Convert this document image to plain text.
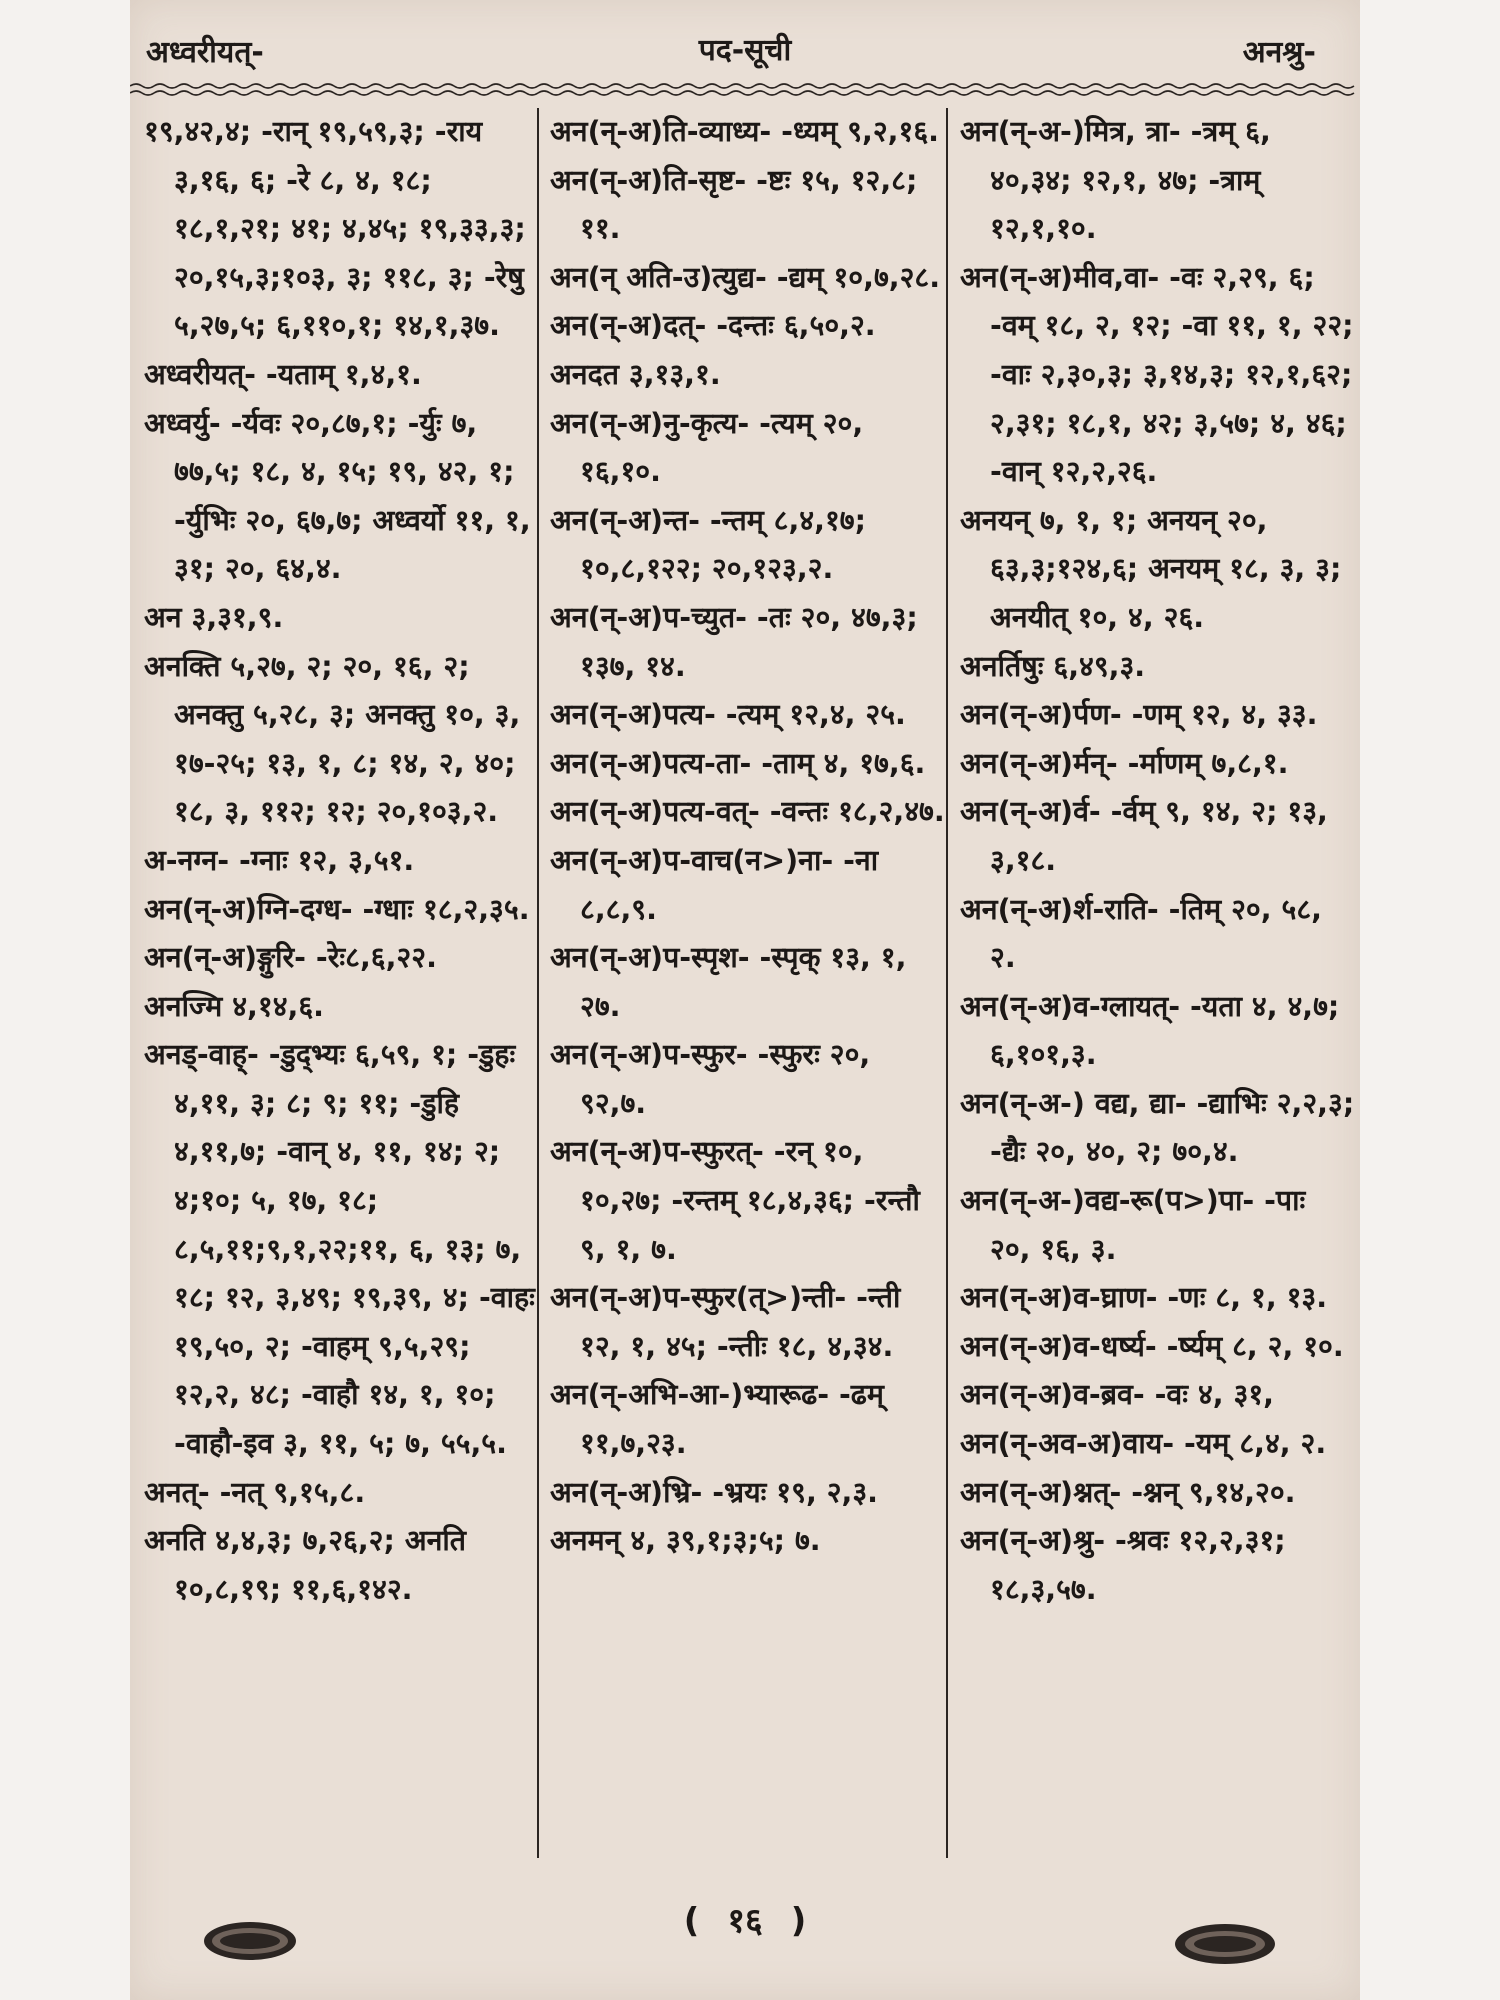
अध्वरीयत्-	पद-सूची	अनश्रु-
१९,४२,४; -रान् १९,५९,३; -राय ३,१६, ६; -रे ८, ४, १८; १८,१,२१; ४१; ४,४५; १९,३३,३; २०,१५,३;१०३, ३; ११८, ३; -रेषु ५,२७,५; ६,११०,१; १४,१,३७.
अध्वरीयत्- -यताम् १,४,१.
अध्वर्यु- -र्यवः २०,८७,१; -र्युः ७, ७७,५; १८, ४, १५; १९, ४२, १; -र्युभिः २०, ६७,७; अध्वर्यो ११, १, ३१; २०, ६४,४.
अन ३,३१,९.
अनक्ति ५,२७, २; २०, १६, २; अनक्तु ५,२८, ३; अनक्तु १०, ३, १७-२५; १३, १, ८; १४, २, ४०; १८, ३, ११२; १२; २०,१०३,२.
अ-नग्न- -ग्नाः १२, ३,५१.
अन(न्-अ)ग्नि-दग्ध- -ग्धाः १८,२,३५.
अन(न्-अ)ङ्गुरि- -रेः८,६,२२.
अनज्मि ४,१४,६.
अनड्-वाह्- -डुद्भ्यः ६,५९, १; -डुहः ४,११, ३; ८; ९; ११; -डुहि ४,११,७; -वान् ४, ११, १४; २; ४;१०; ५, १७, १८; ८,५,११;९,१,२२;११, ६, १३; ७, १८; १२, ३,४९; १९,३९, ४; -वाहः १९,५०, २; -वाहम् ९,५,२९; १२,२, ४८; -वाहौ १४, १, १०; -वाहौ-इव ३, ११, ५; ७, ५५,५.
अनत्- -नत् ९,१५,८.
अनति ४,४,३; ७,२६,२; अनति १०,८,१९; ११,६,१४२.
अन(न्-अ)ति-व्याध्य- -ध्यम् ९,२,१६.
अन(न्-अ)ति-सृष्ट- -ष्टः १५, १२,८; ११.
अन(न् अति-उ)त्युद्य- -द्यम् १०,७,२८.
अन(न्-अ)दत्- -दन्तः ६,५०,२.
अनदत ३,१३,१.
अन(न्-अ)नु-कृत्य- -त्यम् २०, १६,१०.
अन(न्-अ)न्त- -न्तम् ८,४,१७; १०,८,१२२; २०,१२३,२.
अन(न्-अ)प-च्युत- -तः २०, ४७,३; १३७, १४.
अन(न्-अ)पत्य- -त्यम् १२,४, २५.
अन(न्-अ)पत्य-ता- -ताम् ४, १७,६.
अन(न्-अ)पत्य-वत्- -वन्तः १८,२,४७.
अन(न्-अ)प-वाच(न>)ना- -ना ८,८,९.
अन(न्-अ)प-स्पृश- -स्पृक् १३, १, २७.
अन(न्-अ)प-स्फुर- -स्फुरः २०, ९२,७.
अन(न्-अ)प-स्फुरत्- -रन् १०, १०,२७; -रन्तम् १८,४,३६; -रन्तौ ९, १, ७.
अन(न्-अ)प-स्फुर(त्>)न्ती- -न्ती १२, १, ४५; -न्तीः १८, ४,३४.
अन(न्-अभि-आ-)भ्यारूढ- -ढम् ११,७,२३.
अन(न्-अ)भ्रि- -भ्रयः १९, २,३.
अनमन् ४, ३९,१;३;५; ७.
अन(न्-अ-)मित्र, त्रा- -त्रम् ६, ४०,३४; १२,१, ४७; -त्राम् १२,१,१०.
अन(न्-अ)मीव,वा- -वः २,२९, ६; -वम् १८, २, १२; -वा ११, १, २२; -वाः २,३०,३; ३,१४,३; १२,१,६२; २,३१; १८,१, ४२; ३,५७; ४, ४६; -वान् १२,२,२६.
अनयन् ७, १, १; अनयन् २०, ६३,३;१२४,६; अनयम् १८, ३, ३; अनयीत् १०, ४, २६.
अनर्तिषुः ६,४९,३.
अन(न्-अ)र्पण- -णम् १२, ४, ३३.
अन(न्-अ)र्मन्- -र्माणम् ७,८,१.
अन(न्-अ)र्व- -र्वम् ९, १४, २; १३, ३,१८.
अन(न्-अ)र्श-राति- -तिम् २०, ५८, २.
अन(न्-अ)व-ग्लायत्- -यता ४, ४,७; ६,१०१,३.
अन(न्-अ-) वद्य, द्या- -द्याभिः २,२,३; -द्यैः २०, ४०, २; ७०,४.
अन(न्-अ-)वद्य-रू(प>)पा- -पाः २०, १६, ३.
अन(न्-अ)व-घ्राण- -णः ८, १, १३.
अन(न्-अ)व-धर्ष्य- -र्ष्यम् ८, २, १०.
अन(न्-अ)व-ब्रव- -वः ४, ३१,
अन(न्-अव-अ)वाय- -यम् ८,४, २.
अन(न्-अ)श्नत्- -श्नन् ९,१४,२०.
अन(न्-अ)श्रु- -श्रवः १२,२,३१; १८,३,५७.
( १६ )
